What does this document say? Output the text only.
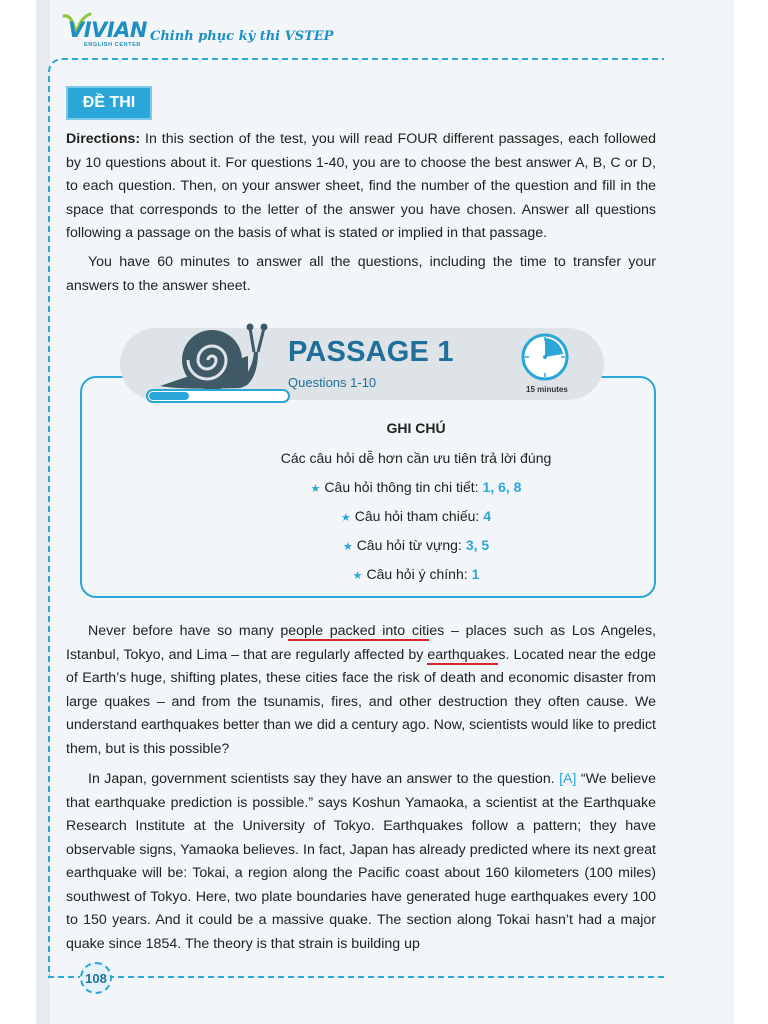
VIVIAN
ENGLISH CENTER
Chinh phục kỳ thi VSTEP
ĐỀ THI

Directions: In this section of the test, you will read FOUR different passages, each followed by 10 questions about it. For questions 1-40, you are to choose the best answer A, B, C or D, to each question. Then, on your answer sheet, find the number of the question and fill in the space that corresponds to the letter of the answer you have chosen. Answer all questions following a passage on the basis of what is stated or implied in that passage.

You have 60 minutes to answer all the questions, including the time to transfer your answers to the answer sheet.

PASSAGE 1
Questions 1-10	15 minutes
GHI CHÚ
Các câu hỏi dễ hơn cần ưu tiên trả lời đúng
★ Câu hỏi thông tin chi tiết: 1, 6, 8
★ Câu hỏi tham chiếu: 4
★ Câu hỏi từ vựng: 3, 5
★ Câu hỏi ý chính: 1

Never before have so many people packed into cities – places such as Los Angeles, Istanbul, Tokyo, and Lima – that are regularly affected by earthquakes. Located near the edge of Earth’s huge, shifting plates, these cities face the risk of death and economic disaster from large quakes – and from the tsunamis, fires, and other destruction they often cause. We understand earthquakes better than we did a century ago. Now, scientists would like to predict them, but is this possible?

In Japan, government scientists say they have an answer to the question. [A] “We believe that earthquake prediction is possible.” says Koshun Yamaoka, a scientist at the Earthquake Research Institute at the University of Tokyo. Earthquakes follow a pattern; they have observable signs, Yamaoka believes. In fact, Japan has already predicted where its next great earthquake will be: Tokai, a region along the Pacific coast about 160 kilometers (100 miles) southwest of Tokyo. Here, two plate boundaries have generated huge earthquakes every 100 to 150 years. And it could be a massive quake. The section along Tokai hasn’t had a major quake since 1854. The theory is that strain is building up

108
